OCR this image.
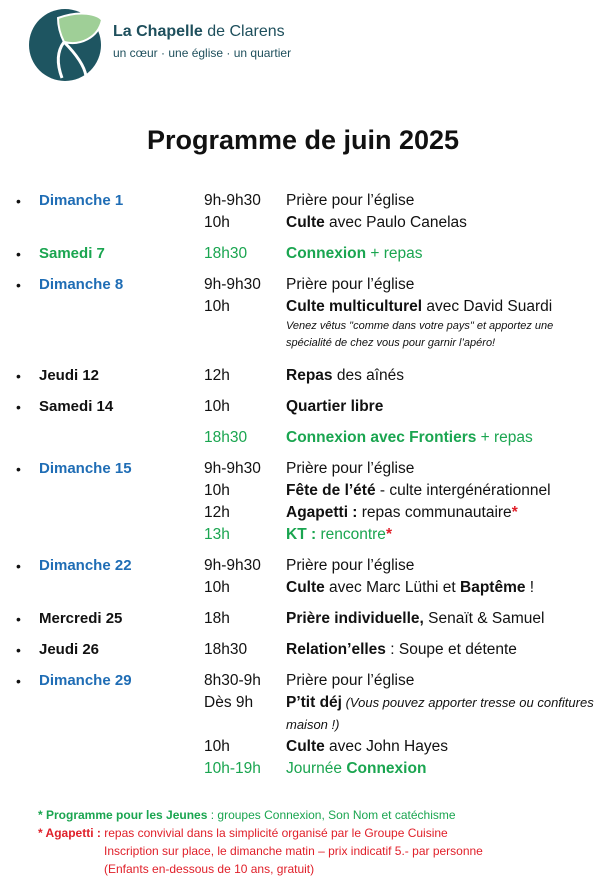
La Chapelle de Clarens
un cœur · une église · un quartier
Programme de juin 2025
• Dimanche 1	9h-9h30	Prière pour l’église
10h	Culte avec Paulo Canelas
• Samedi 7	18h30	Connexion + repas
• Dimanche 8	9h-9h30	Prière pour l’église
10h	Culte multiculturel avec David Suardi
Venez vêtus "comme dans votre pays" et apportez une spécialité de chez vous pour garnir l’apéro!
• Jeudi 12	12h	Repas des aînés
• Samedi 14	10h	Quartier libre
18h30	Connexion avec Frontiers + repas
• Dimanche 15	9h-9h30	Prière pour l’église
10h	Fête de l’été - culte intergénérationnel
12h	Agapetti : repas communautaire*
13h	KT : rencontre*
• Dimanche 22	9h-9h30	Prière pour l’église
10h	Culte avec Marc Lüthi et Baptême !
• Mercredi 25	18h	Prière individuelle, Senaït & Samuel
• Jeudi 26	18h30	Relation’elles : Soupe et détente
• Dimanche 29	8h30-9h	Prière pour l’église
Dès 9h	P’tit déj (Vous pouvez apporter tresse ou confitures maison !)
10h	Culte avec John Hayes
10h-19h	Journée Connexion
* Programme pour les Jeunes : groupes Connexion, Son Nom et catéchisme
* Agapetti : repas convivial dans la simplicité organisé par le Groupe Cuisine
Inscription sur place, le dimanche matin – prix indicatif 5.- par personne
(Enfants en-dessous de 10 ans, gratuit)
